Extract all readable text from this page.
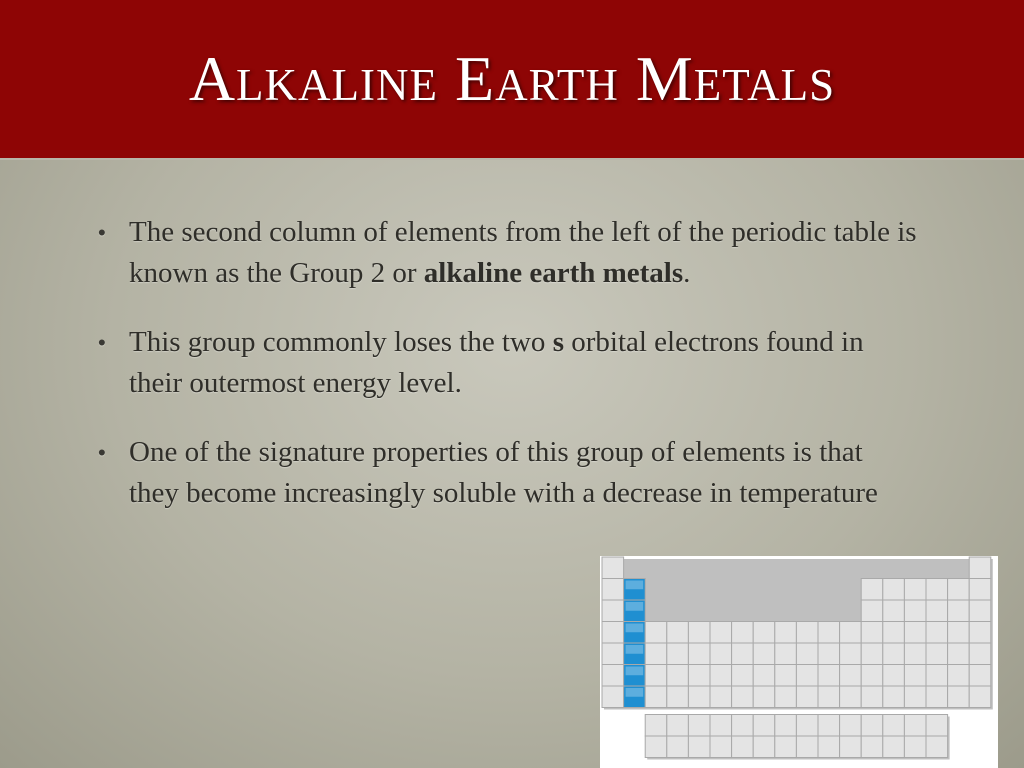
Alkaline Earth Metals
• The second column of elements from the left of the periodic table is known as the Group 2 or alkaline earth metals.
• This group commonly loses the two s orbital electrons found in their outermost energy level.
• One of the signature properties of this group of elements is that they become increasingly soluble with a decrease in temperature
